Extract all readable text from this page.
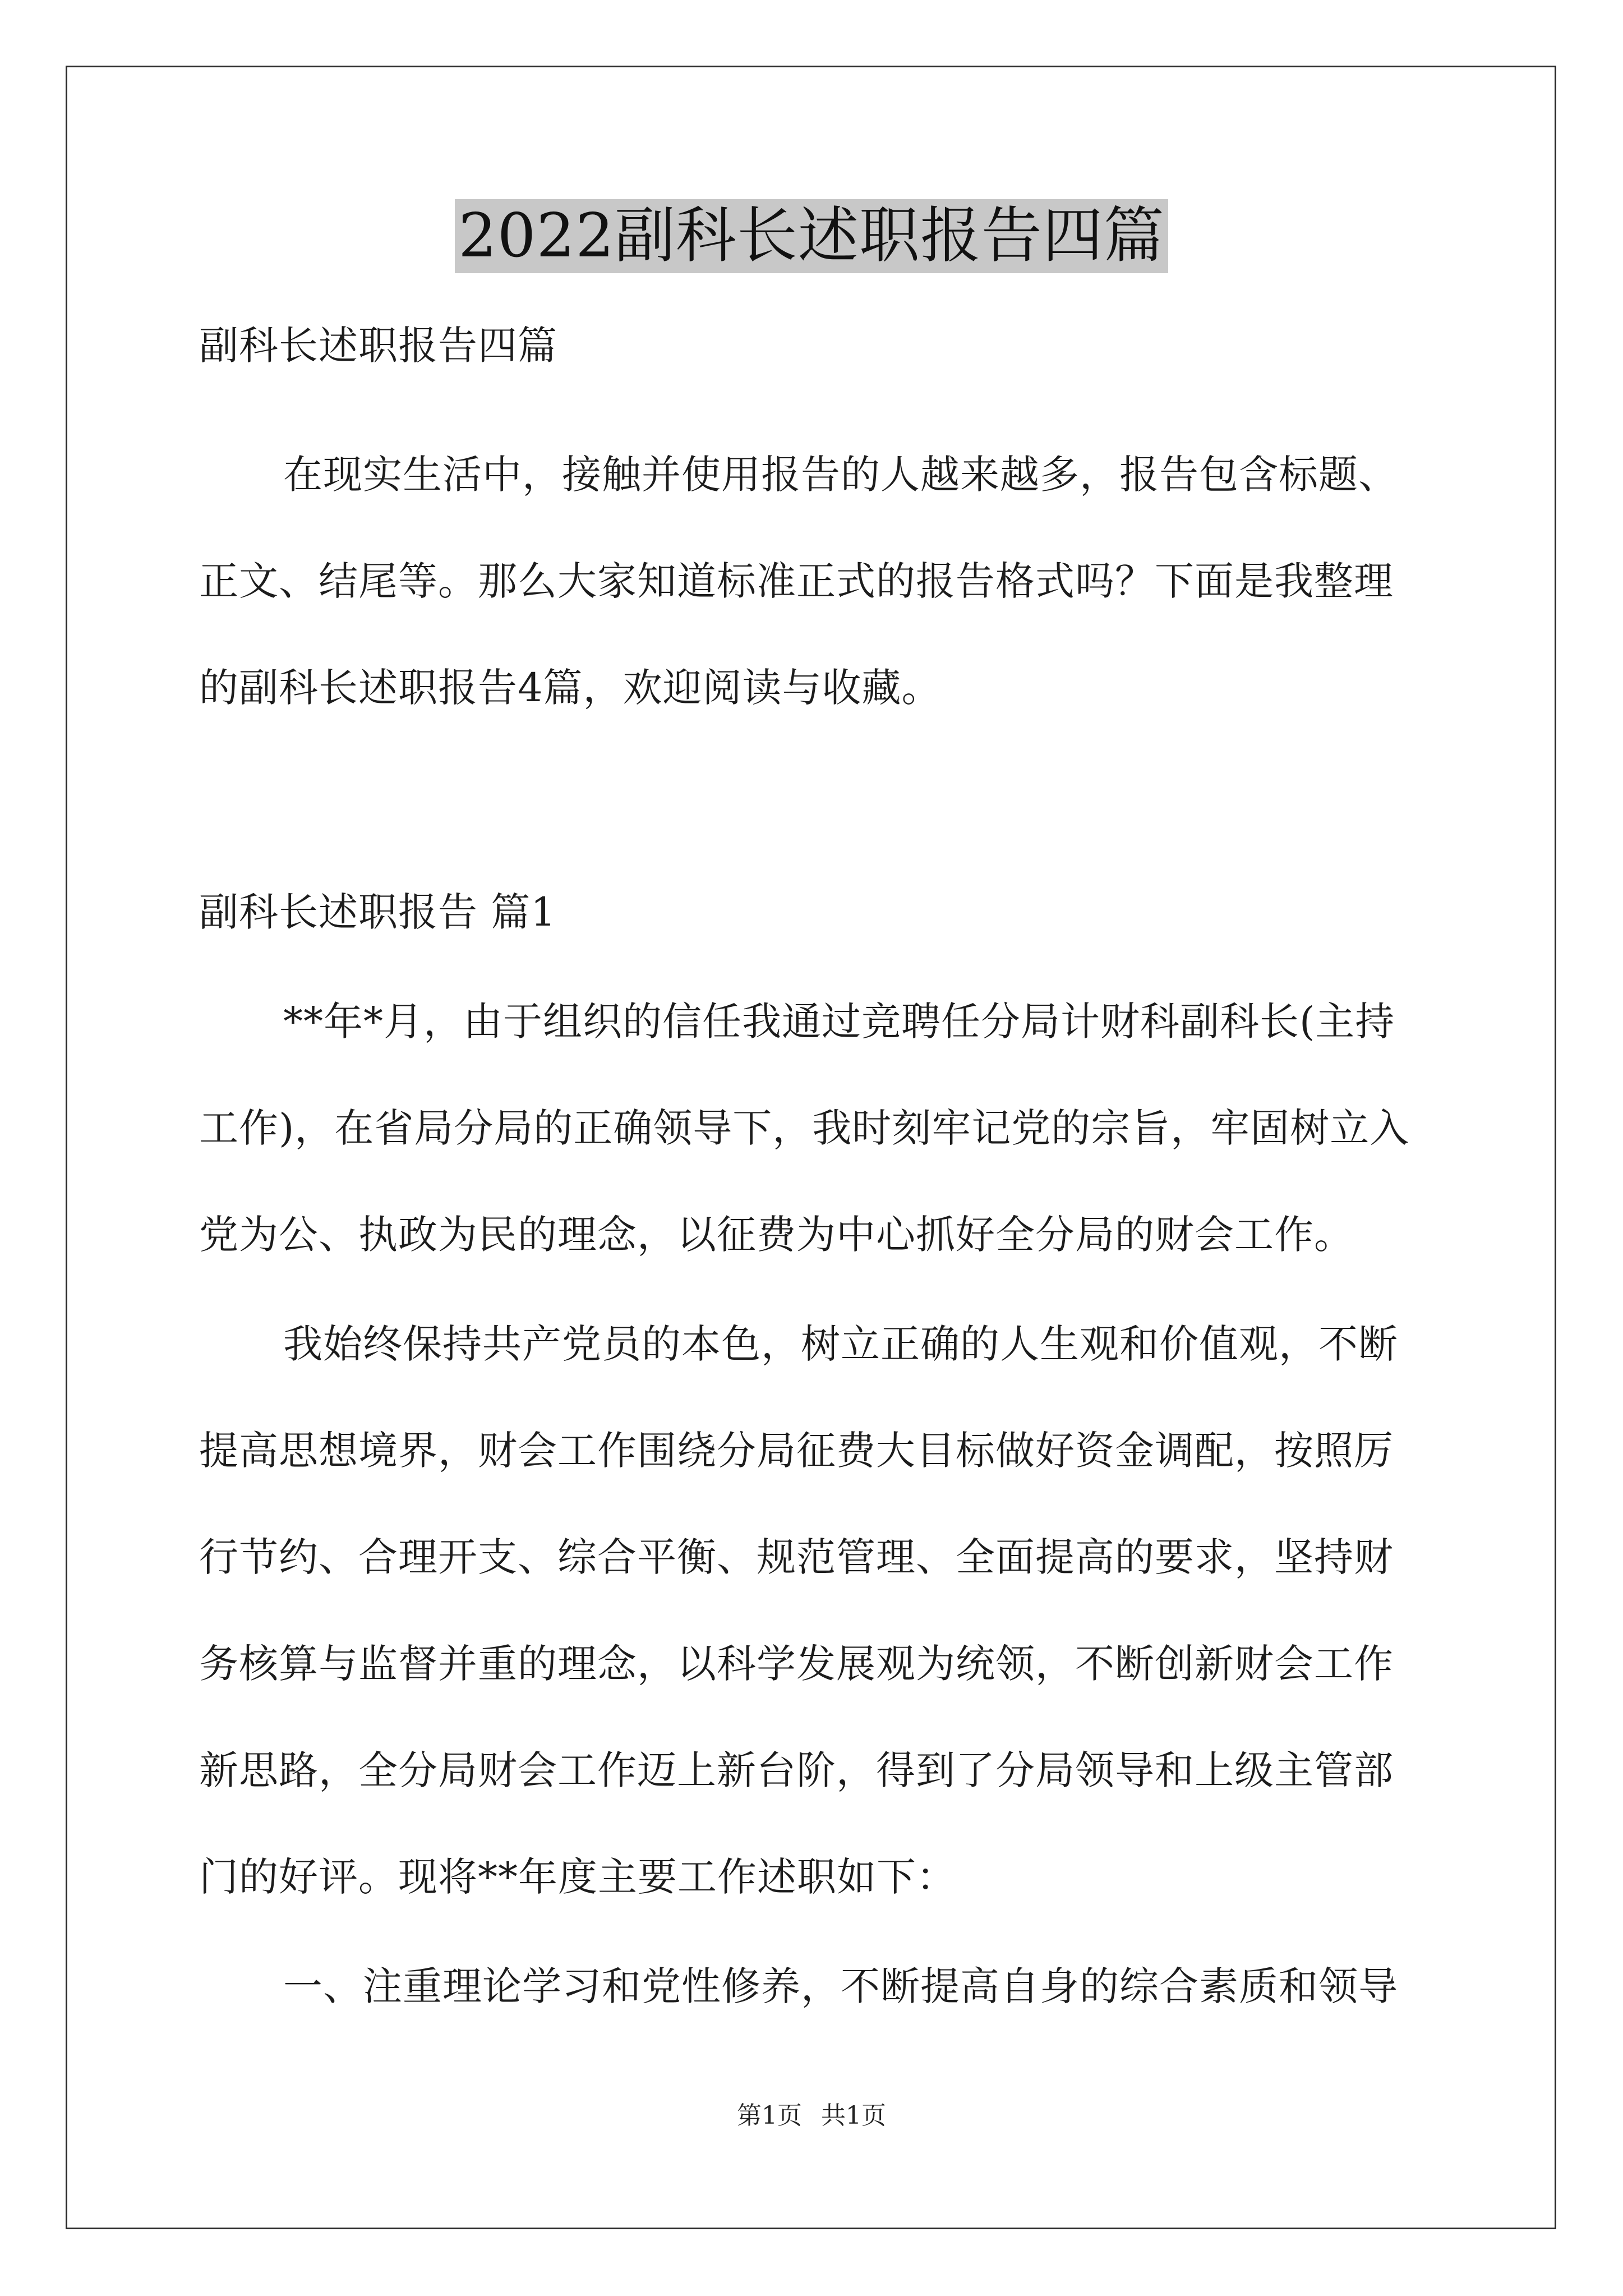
2022副科长述职报告四篇

副科长述职报告四篇

在现实生活中，接触并使用报告的人越来越多，报告包含标题、

正文、结尾等。那么大家知道标准正式的报告格式吗？下面是我整理

的副科长述职报告4篇，欢迎阅读与收藏。

副科长述职报告 篇1

**年*月，由于组织的信任我通过竞聘任分局计财科副科长(主持

工作)，在省局分局的正确领导下，我时刻牢记党的宗旨，牢固树立入

党为公、执政为民的理念，以征费为中心抓好全分局的财会工作。

我始终保持共产党员的本色，树立正确的人生观和价值观，不断

提高思想境界，财会工作围绕分局征费大目标做好资金调配，按照厉

行节约、合理开支、综合平衡、规范管理、全面提高的要求，坚持财

务核算与监督并重的理念，以科学发展观为统领，不断创新财会工作

新思路，全分局财会工作迈上新台阶，得到了分局领导和上级主管部

门的好评。现将**年度主要工作述职如下：

一、注重理论学习和党性修养，不断提高自身的综合素质和领导

第1页 共1页
